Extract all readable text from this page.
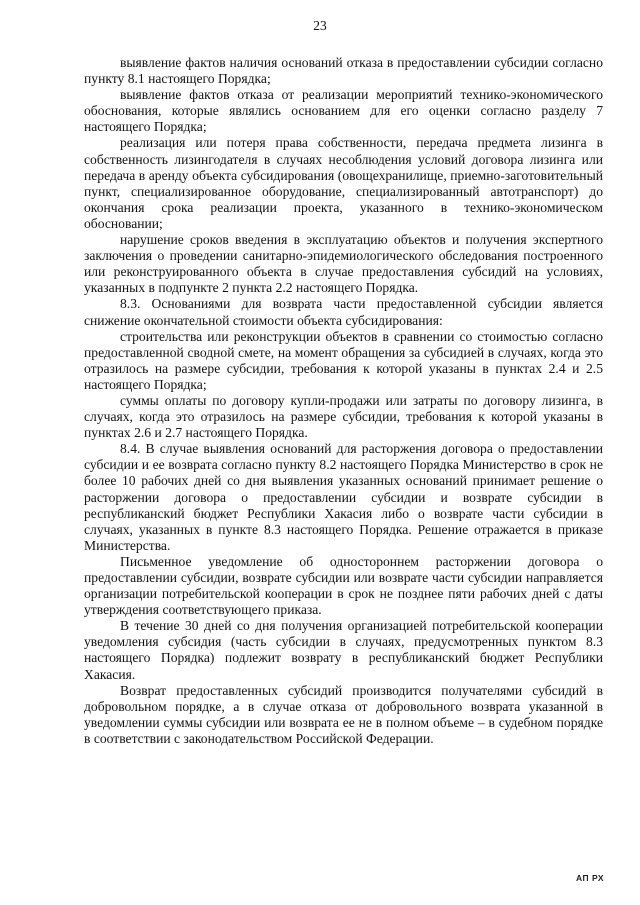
23

выявление фактов наличия оснований отказа в предоставлении субсидии согласно пункту 8.1 настоящего Порядка;

выявление фактов отказа от реализации мероприятий технико-экономического обоснования, которые являлись основанием для его оценки согласно разделу 7 настоящего Порядка;

реализация или потеря права собственности, передача предмета лизинга в собственность лизингодателя в случаях несоблюдения условий договора лизинга или передача в аренду объекта субсидирования (овощехранилище, приемно-заготовительный пункт, специализированное оборудование, специализированный автотранспорт) до окончания срока реализации проекта, указанного в технико-экономическом обосновании;

нарушение сроков введения в эксплуатацию объектов и получения экспертного заключения о проведении санитарно-эпидемиологического обследования построенного или реконструированного объекта в случае предоставления субсидий на условиях, указанных в подпункте 2 пункта 2.2 настоящего Порядка.

8.3. Основаниями для возврата части предоставленной субсидии является снижение окончательной стоимости объекта субсидирования:

строительства или реконструкции объектов в сравнении со стоимостью согласно предоставленной сводной смете, на момент обращения за субсидией в случаях, когда это отразилось на размере субсидии, требования к которой указаны в пунктах 2.4 и 2.5 настоящего Порядка;

суммы оплаты по договору купли-продажи или затраты по договору лизинга, в случаях, когда это отразилось на размере субсидии, требования к которой указаны в пунктах 2.6 и 2.7 настоящего Порядка.

8.4. В случае выявления оснований для расторжения договора о предоставлении субсидии и ее возврата согласно пункту 8.2 настоящего Порядка Министерство в срок не более 10 рабочих дней со дня выявления указанных оснований принимает решение о расторжении договора о предоставлении субсидии и возврате субсидии в республиканский бюджет Республики Хакасия либо о возврате части субсидии в случаях, указанных в пункте 8.3 настоящего Порядка. Решение отражается в приказе Министерства.

Письменное уведомление об одностороннем расторжении договора о предоставлении субсидии, возврате субсидии или возврате части субсидии направляется организации потребительской кооперации в срок не позднее пяти рабочих дней с даты утверждения соответствующего приказа.

В течение 30 дней со дня получения организацией потребительской кооперации уведомления субсидия (часть субсидии в случаях, предусмотренных пунктом 8.3 настоящего Порядка) подлежит возврату в республиканский бюджет Республики Хакасия.

Возврат предоставленных субсидий производится получателями субсидий в добровольном порядке, а в случае отказа от добровольного возврата указанной в уведомлении суммы субсидии или возврата ее не в полном объеме – в судебном порядке в соответствии с законодательством Российской Федерации.

АП РХ
